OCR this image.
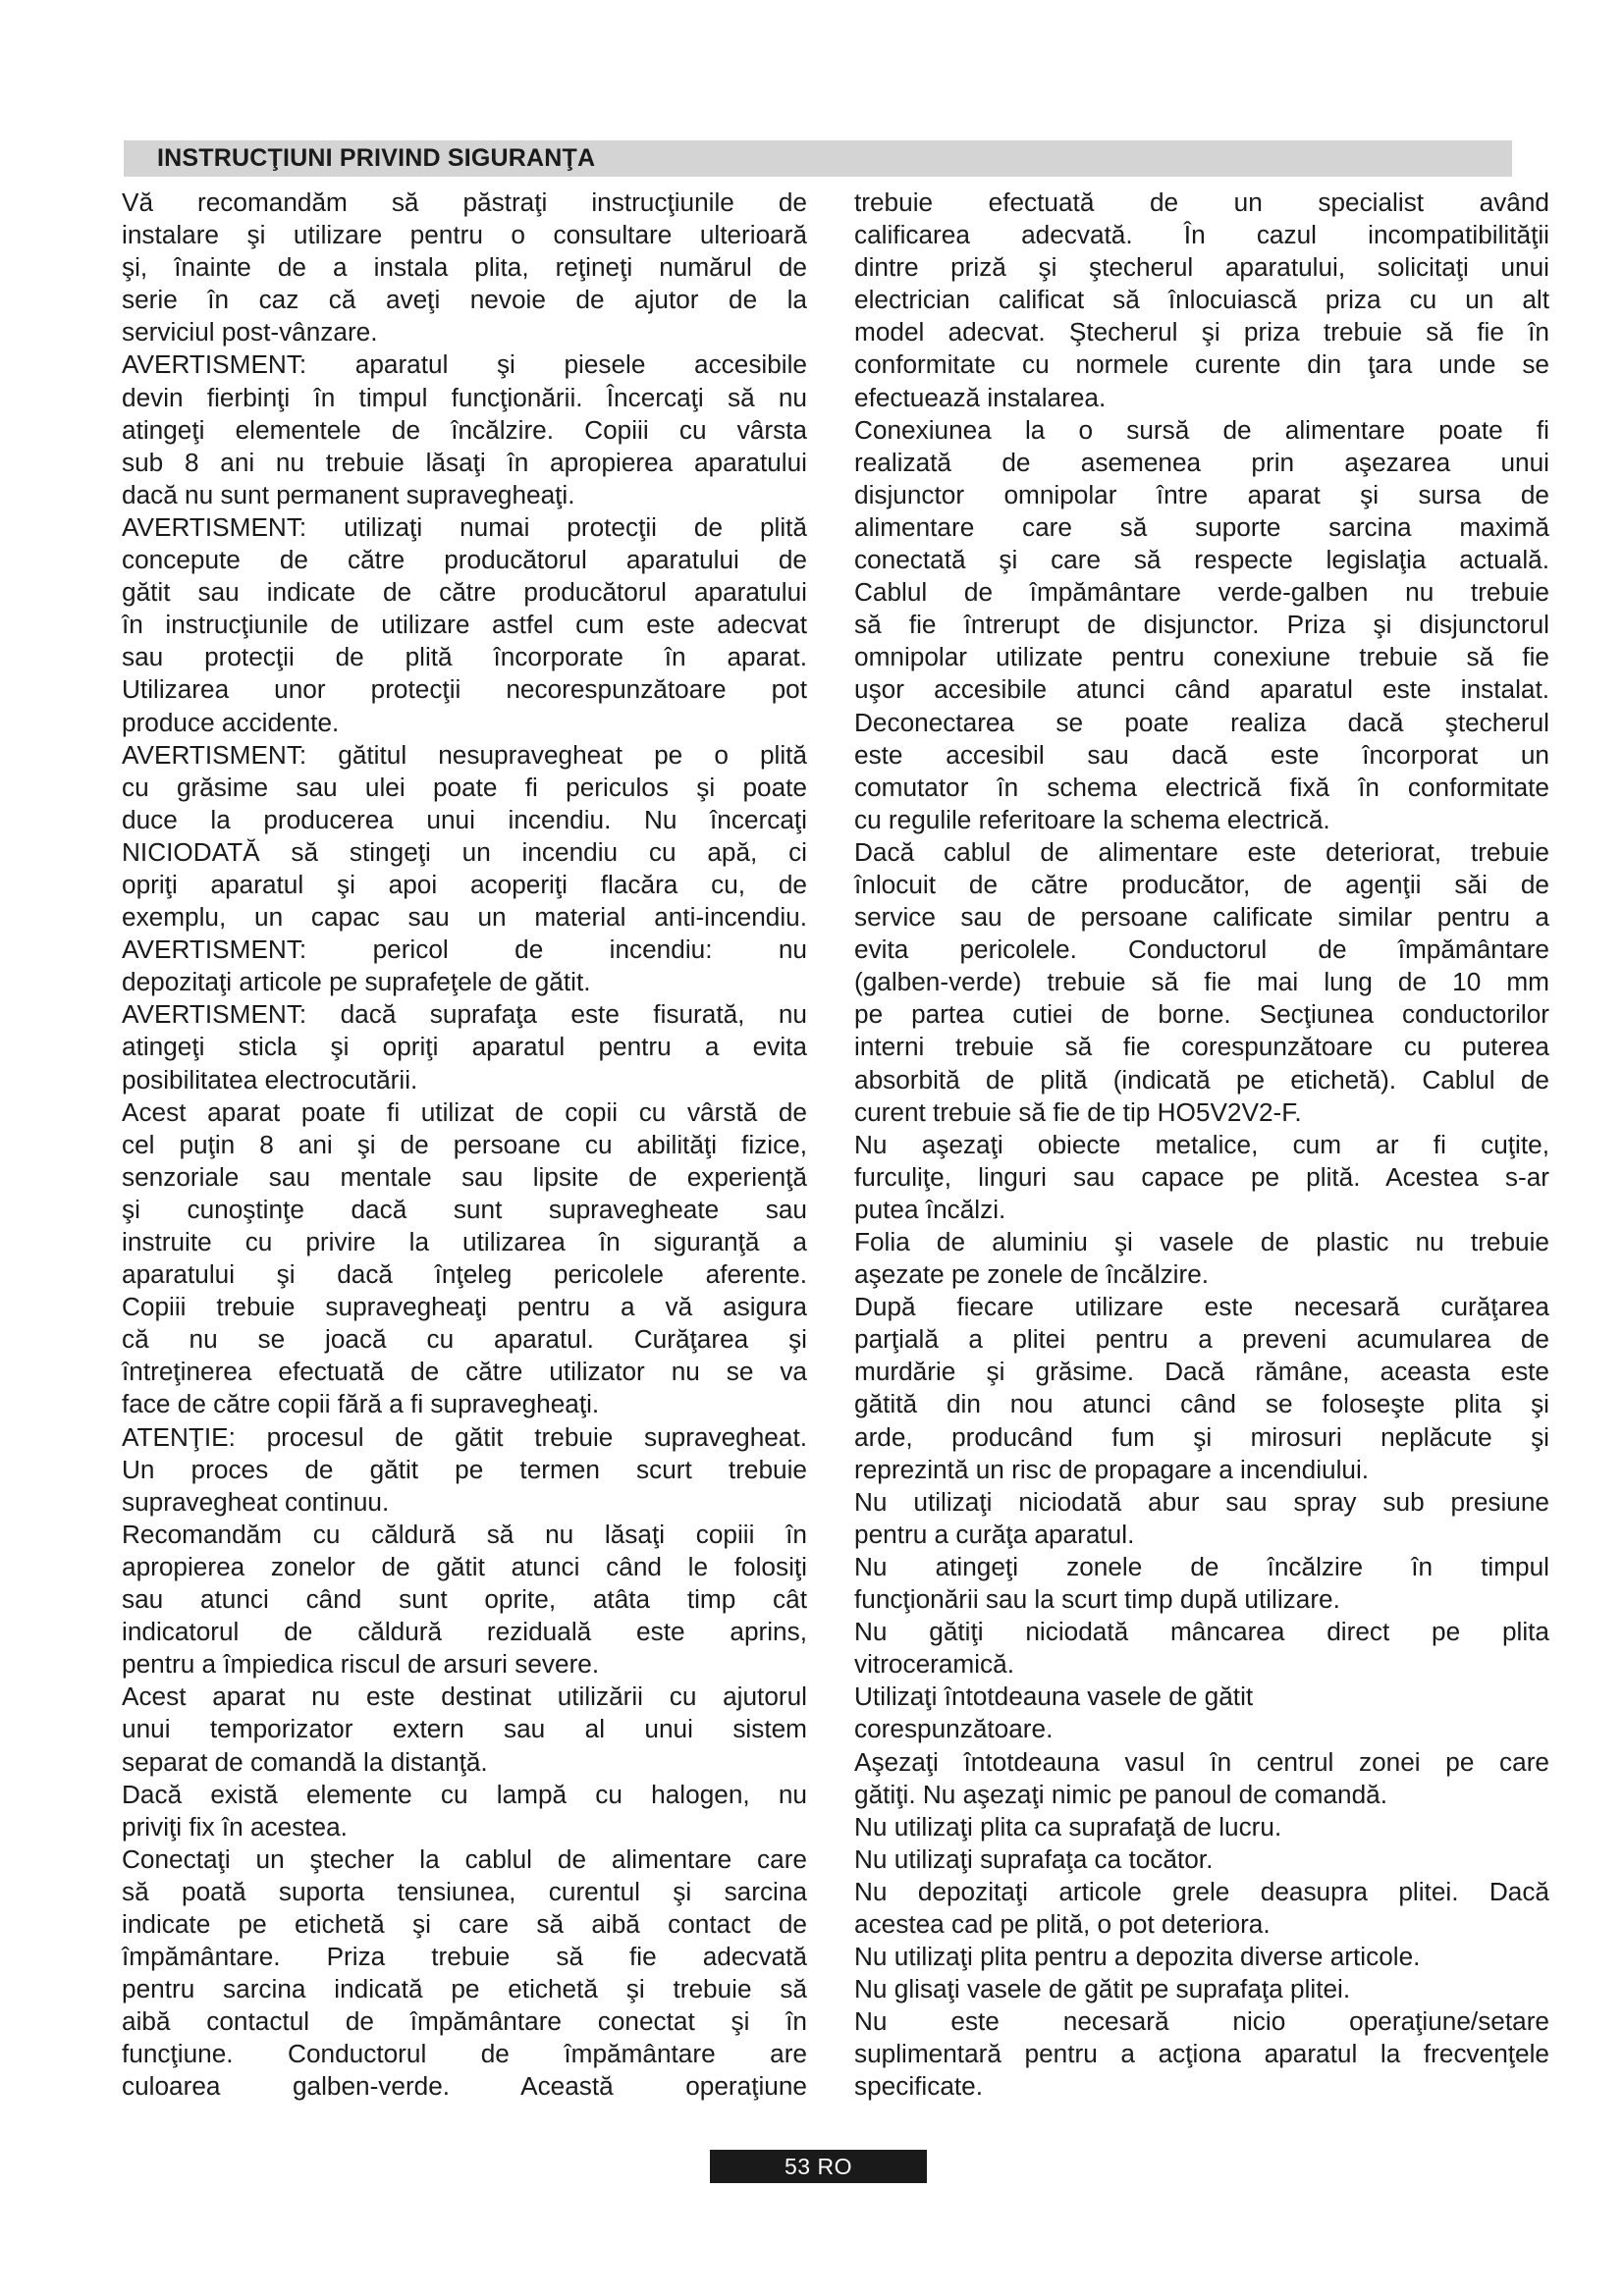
INSTRUCŢIUNI PRIVIND SIGURANŢA
Vă recomandăm să păstraţi instrucţiunile de
instalare şi utilizare pentru o consultare ulterioară
şi, înainte de a instala plita, reţineţi numărul de
serie în caz că aveţi nevoie de ajutor de la
serviciul post-vânzare.
AVERTISMENT: aparatul şi piesele accesibile
devin fierbinţi în timpul funcţionării. Încercaţi să nu
atingeţi elementele de încălzire. Copiii cu vârsta
sub 8 ani nu trebuie lăsaţi în apropierea aparatului
dacă nu sunt permanent supravegheaţi.
AVERTISMENT: utilizaţi numai protecţii de plită
concepute de către producătorul aparatului de
gătit sau indicate de către producătorul aparatului
în instrucţiunile de utilizare astfel cum este adecvat
sau protecţii de plită încorporate în aparat.
Utilizarea unor protecţii necorespunzătoare pot
produce accidente.
AVERTISMENT: gătitul nesupravegheat pe o plită
cu grăsime sau ulei poate fi periculos şi poate
duce la producerea unui incendiu. Nu încercaţi
NICIODATĂ să stingeţi un incendiu cu apă, ci
opriţi aparatul şi apoi acoperiţi flacăra cu, de
exemplu, un capac sau un material anti-incendiu.
AVERTISMENT: pericol de incendiu: nu
depozitaţi articole pe suprafeţele de gătit.
AVERTISMENT: dacă suprafaţa este fisurată, nu
atingeţi sticla şi opriţi aparatul pentru a evita
posibilitatea electrocutării.
Acest aparat poate fi utilizat de copii cu vârstă de
cel puţin 8 ani şi de persoane cu abilităţi fizice,
senzoriale sau mentale sau lipsite de experienţă
şi cunoştinţe dacă sunt supravegheate sau
instruite cu privire la utilizarea în siguranţă a
aparatului şi dacă înţeleg pericolele aferente.
Copiii trebuie supravegheaţi pentru a vă asigura
că nu se joacă cu aparatul. Curăţarea şi
întreţinerea efectuată de către utilizator nu se va
face de către copii fără a fi supravegheaţi.
ATENŢIE: procesul de gătit trebuie supravegheat.
Un proces de gătit pe termen scurt trebuie
supravegheat continuu.
Recomandăm cu căldură să nu lăsaţi copiii în
apropierea zonelor de gătit atunci când le folosiţi
sau atunci când sunt oprite, atâta timp cât
indicatorul de căldură reziduală este aprins,
pentru a împiedica riscul de arsuri severe.
Acest aparat nu este destinat utilizării cu ajutorul
unui temporizator extern sau al unui sistem
separat de comandă la distanţă.
Dacă există elemente cu lampă cu halogen, nu
priviţi fix în acestea.
Conectaţi un ştecher la cablul de alimentare care
să poată suporta tensiunea, curentul şi sarcina
indicate pe etichetă şi care să aibă contact de
împământare. Priza trebuie să fie adecvată
pentru sarcina indicată pe etichetă şi trebuie să
aibă contactul de împământare conectat şi în
funcţiune. Conductorul de împământare are
culoarea galben-verde. Această operaţiune
trebuie efectuată de un specialist având
calificarea adecvată. În cazul incompatibilităţii
dintre priză şi ştecherul aparatului, solicitaţi unui
electrician calificat să înlocuiască priza cu un alt
model adecvat. Ştecherul şi priza trebuie să fie în
conformitate cu normele curente din ţara unde se
efectuează instalarea.
Conexiunea la o sursă de alimentare poate fi
realizată de asemenea prin aşezarea unui
disjunctor omnipolar între aparat şi sursa de
alimentare care să suporte sarcina maximă
conectată şi care să respecte legislaţia actuală.
Cablul de împământare verde-galben nu trebuie
să fie întrerupt de disjunctor. Priza şi disjunctorul
omnipolar utilizate pentru conexiune trebuie să fie
uşor accesibile atunci când aparatul este instalat.
Deconectarea se poate realiza dacă ştecherul
este accesibil sau dacă este încorporat un
comutator în schema electrică fixă în conformitate
cu regulile referitoare la schema electrică.
Dacă cablul de alimentare este deteriorat, trebuie
înlocuit de către producător, de agenţii săi de
service sau de persoane calificate similar pentru a
evita pericolele. Conductorul de împământare
(galben-verde) trebuie să fie mai lung de 10 mm
pe partea cutiei de borne. Secţiunea conductorilor
interni trebuie să fie corespunzătoare cu puterea
absorbită de plită (indicată pe etichetă). Cablul de
curent trebuie să fie de tip HO5V2V2-F.
Nu aşezaţi obiecte metalice, cum ar fi cuţite,
furculiţe, linguri sau capace pe plită. Acestea s-ar
putea încălzi.
Folia de aluminiu şi vasele de plastic nu trebuie
aşezate pe zonele de încălzire.
După fiecare utilizare este necesară curăţarea
parţială a plitei pentru a preveni acumularea de
murdărie şi grăsime. Dacă rămâne, aceasta este
gătită din nou atunci când se foloseşte plita şi
arde, producând fum şi mirosuri neplăcute şi
reprezintă un risc de propagare a incendiului.
Nu utilizaţi niciodată abur sau spray sub presiune
pentru a curăţa aparatul.
Nu atingeţi zonele de încălzire în timpul
funcţionării sau la scurt timp după utilizare.
Nu gătiţi niciodată mâncarea direct pe plita
vitroceramică.
Utilizaţi întotdeauna vasele de gătit
corespunzătoare.
Aşezaţi întotdeauna vasul în centrul zonei pe care
gătiţi. Nu aşezaţi nimic pe panoul de comandă.
Nu utilizaţi plita ca suprafaţă de lucru.
Nu utilizaţi suprafaţa ca tocător.
Nu depozitaţi articole grele deasupra plitei. Dacă
acestea cad pe plită, o pot deteriora.
Nu utilizaţi plita pentru a depozita diverse articole.
Nu glisaţi vasele de gătit pe suprafaţa plitei.
Nu este necesară nicio operaţiune/setare
suplimentară pentru a acţiona aparatul la frecvenţele
specificate.
53 RO
